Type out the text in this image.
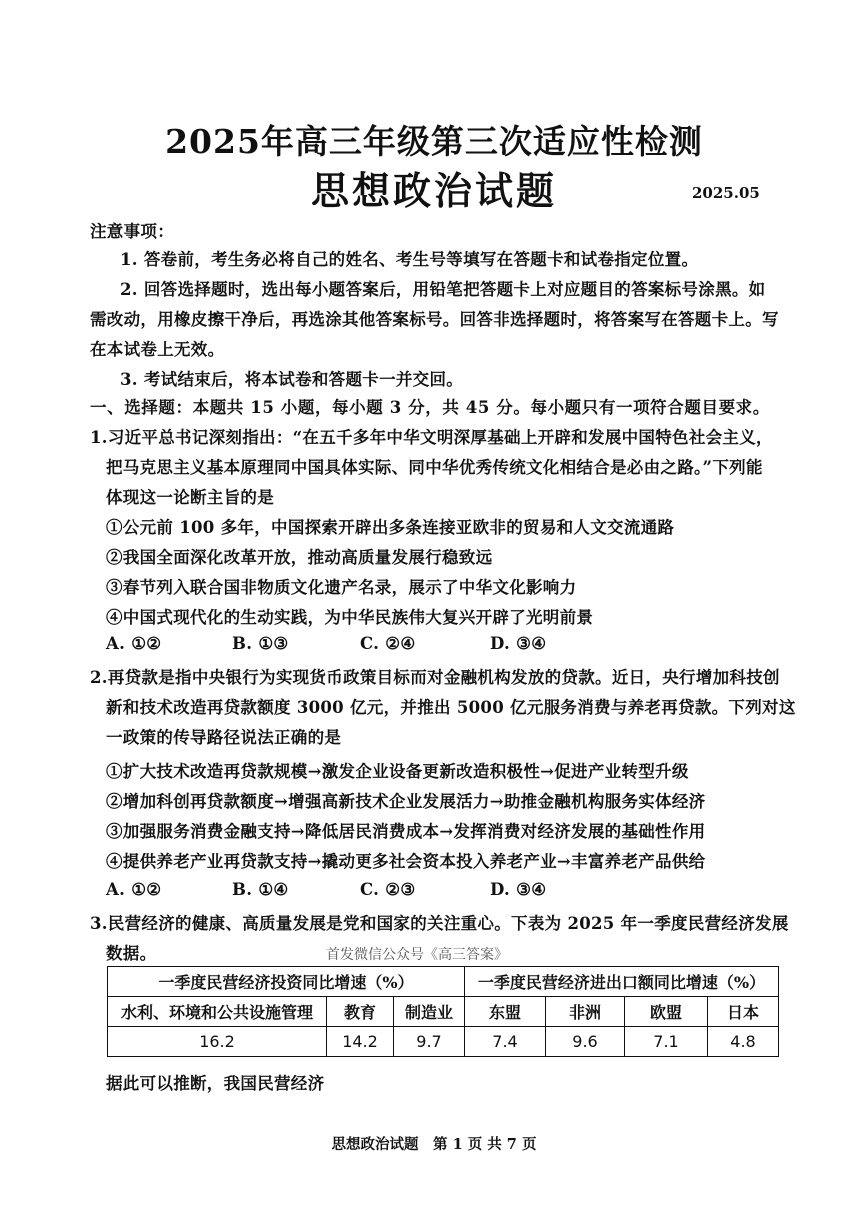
2025年高三年级第三次适应性检测
思想政治试题	2025.05
注意事项：
1. 答卷前，考生务必将自己的姓名、考生号等填写在答题卡和试卷指定位置。
2. 回答选择题时，选出每小题答案后，用铅笔把答题卡上对应题目的答案标号涂黑。如
需改动，用橡皮擦干净后，再选涂其他答案标号。回答非选择题时，将答案写在答题卡上。写
在本试卷上无效。
3. 考试结束后，将本试卷和答题卡一并交回。
一、选择题：本题共 15 小题，每小题 3 分，共 45 分。每小题只有一项符合题目要求。
1.习近平总书记深刻指出：“在五千多年中华文明深厚基础上开辟和发展中国特色社会主义，
把马克思主义基本原理同中国具体实际、同中华优秀传统文化相结合是必由之路。”下列能
体现这一论断主旨的是
①公元前 100 多年，中国探索开辟出多条连接亚欧非的贸易和人文交流通路
②我国全面深化改革开放，推动高质量发展行稳致远
③春节列入联合国非物质文化遗产名录，展示了中华文化影响力
④中国式现代化的生动实践，为中华民族伟大复兴开辟了光明前景
A. ①②	B. ①③	C. ②④	D. ③④
2.再贷款是指中央银行为实现货币政策目标而对金融机构发放的贷款。近日，央行增加科技创
新和技术改造再贷款额度 3000 亿元，并推出 5000 亿元服务消费与养老再贷款。下列对这
一政策的传导路径说法正确的是
①扩大技术改造再贷款规模→激发企业设备更新改造积极性→促进产业转型升级
②增加科创再贷款额度→增强高新技术企业发展活力→助推金融机构服务实体经济
③加强服务消费金融支持→降低居民消费成本→发挥消费对经济发展的基础性作用
④提供养老产业再贷款支持→撬动更多社会资本投入养老产业→丰富养老产品供给
A. ①②	B. ①④	C. ②③	D. ③④
3.民营经济的健康、高质量发展是党和国家的关注重心。下表为 2025 年一季度民营经济发展
数据。	首发微信公众号《高三答案》
一季度民营经济投资同比增速（%）			一季度民营经济进出口额同比增速（%）			
水利、环境和公共设施管理	教育	制造业	东盟	非洲	欧盟	日本
16.2	14.2	9.7	7.4	9.6	7.1	4.8
据此可以推断，我国民营经济
思想政治试题　第 1 页 共 7 页
